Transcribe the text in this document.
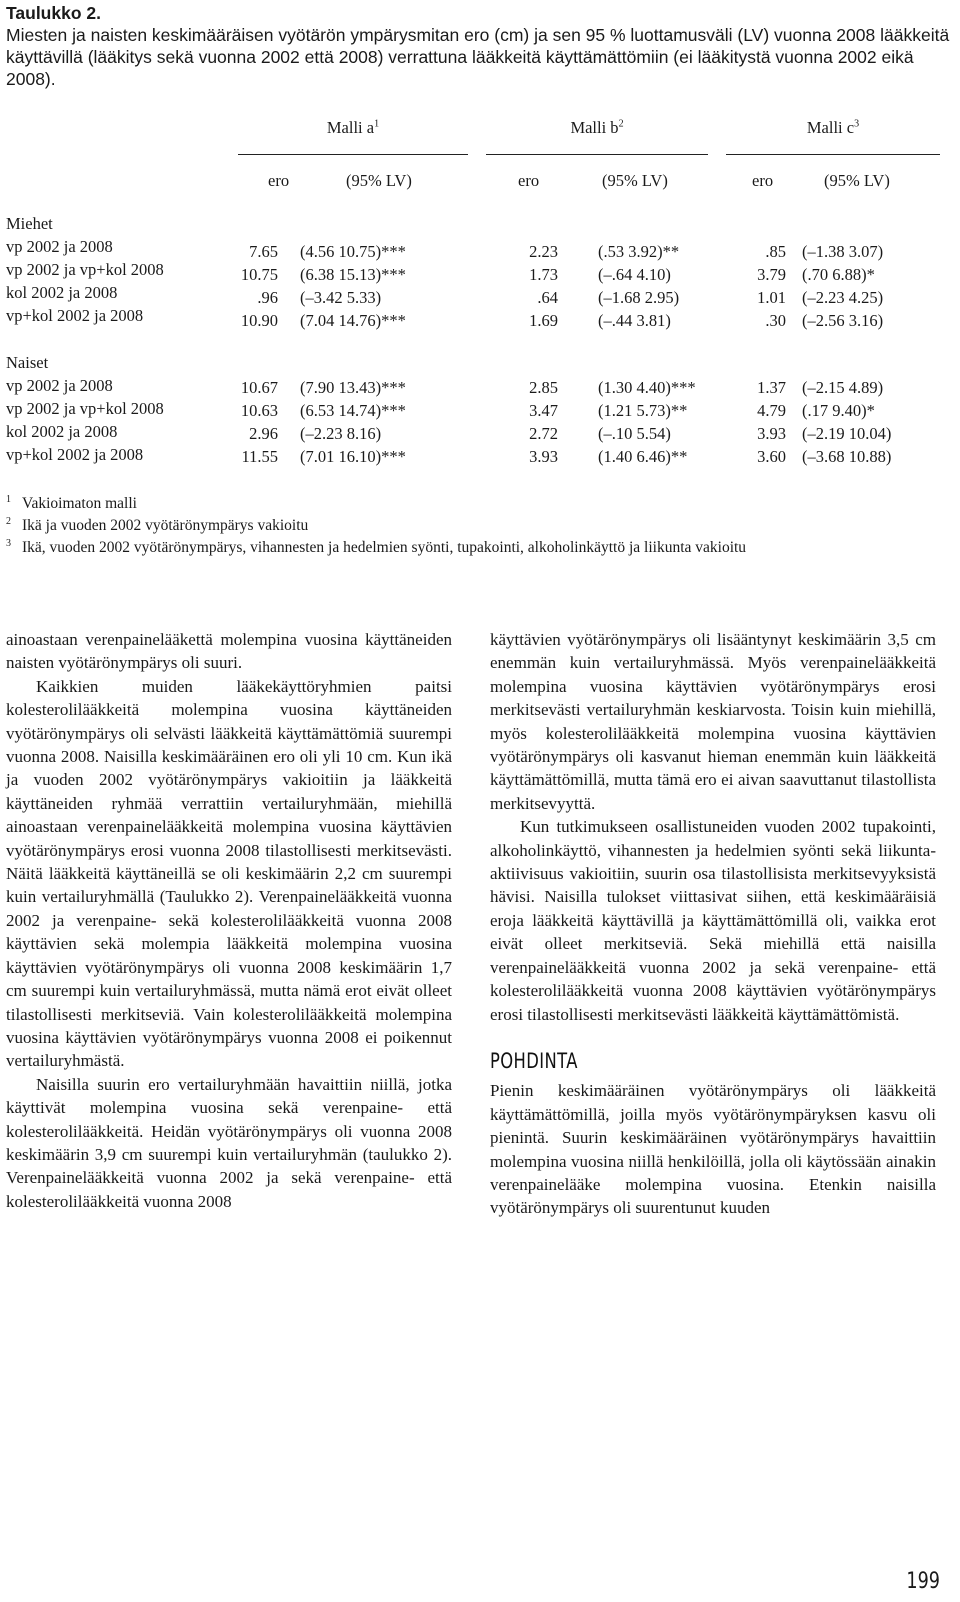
Taulukko 2.
Miesten ja naisten keskimääräisen vyötärön ympärysmitan ero (cm) ja sen 95 % luottamusväli (LV) vuonna 2008 lääkkeitä käyttävillä (lääkitys sekä vuonna 2002 että 2008) verrattuna lääkkeitä käyttämättömiin (ei lääkitystä vuonna 2002 eikä 2008).
Malli $a^1$	Malli $b^2$	Malli $c^3$
ero	(95% LV)	ero	(95% LV)	ero	(95% LV)
Miehet
vp 2002 ja 2008	7.65 (4.56 10.75)***	2.23 (.53 3.92)**	.85 (–1.38 3.07)
vp 2002 ja vp+kol 2008	10.75 (6.38 15.13)***	1.73 (–.64 4.10)	3.79 (.70 6.88)*
kol 2002 ja 2008	.96 (–3.42 5.33)	.64 (–1.68 2.95)	1.01 (–2.23 4.25)
vp+kol 2002 ja 2008	10.90 (7.04 14.76)***	1.69 (–.44 3.81)	.30 (–2.56 3.16)
Naiset
vp 2002 ja 2008	10.67 (7.90 13.43)***	2.85 (1.30 4.40)***	1.37 (–2.15 4.89)
vp 2002 ja vp+kol 2008	10.63 (6.53 14.74)***	3.47 (1.21 5.73)**	4.79 (.17 9.40)*
kol 2002 ja 2008	2.96 (–2.23 8.16)	2.72 (–.10 5.54)	3.93 (–2.19 10.04)
vp+kol 2002 ja 2008	11.55 (7.01 16.10)***	3.93 (1.40 6.46)**	3.60 (–3.68 10.88)
1 Vakioimaton malli
2 Ikä ja vuoden 2002 vyötärönympärys vakioitu
3 Ikä, vuoden 2002 vyötärönympärys, vihannesten ja hedelmien syönti, tupakointi, alkoholinkäyttö ja liikunta vakioitu

ainoastaan verenpainelääkettä molempina vuosina käyttäneiden naisten vyötärönympärys oli suuri.

Kaikkien muiden lääkekäyttöryhmien paitsi kolesterolilääkkeitä molempina vuosina käyttäneiden vyötärönympärys oli selvästi lääkkeitä käyttämättömiä suurempi vuonna 2008. Naisilla keskimääräinen ero oli yli 10 cm. Kun ikä ja vuoden 2002 vyötärönympärys vakioitiin ja lääkkeitä käyttäneiden ryhmää verrattiin vertailuryhmään, miehillä ainoastaan verenpainelääkkeitä molempina vuosina käyttävien vyötärönympärys erosi vuonna 2008 tilastollisesti merkitsevästi. Näitä lääkkeitä käyttäneillä se oli keskimäärin 2,2 cm suurempi kuin vertailuryhmällä (Taulukko 2). Verenpainelääkkeitä vuonna 2002 ja verenpaine- sekä kolesterolilääkkeitä vuonna 2008 käyttävien sekä molempia lääkkeitä molempina vuosina käyttävien vyötärönympärys oli vuonna 2008 keskimäärin 1,7 cm suurempi kuin vertailuryhmässä, mutta nämä erot eivät olleet tilastollisesti merkitseviä. Vain kolesterolilääkkeitä molempina vuosina käyttävien vyötärönympärys vuonna 2008 ei poikennut vertailuryhmästä.

Naisilla suurin ero vertailuryhmään havaittiin niillä, jotka käyttivät molempina vuosina sekä verenpaine- että kolesterolilääkkeitä. Heidän vyötärönympärys oli vuonna 2008 keskimäärin 3,9 cm suurempi kuin vertailuryhmän (taulukko 2). Verenpainelääkkeitä vuonna 2002 ja sekä verenpaine- että kolesterolilääkkeitä vuonna 2008

käyttävien vyötärönympärys oli lisääntynyt keskimäärin 3,5 cm enemmän kuin vertailuryhmässä. Myös verenpainelääkkeitä molempina vuosina käyttävien vyötärönympärys erosi merkitsevästi vertailuryhmän keskiarvosta. Toisin kuin miehillä, myös kolesterolilääkkeitä molempina vuosina käyttävien vyötärönympärys oli kasvanut hieman enemmän kuin lääkkeitä käyttämättömillä, mutta tämä ero ei aivan saavuttanut tilastollista merkitsevyyttä.

Kun tutkimukseen osallistuneiden vuoden 2002 tupakointi, alkoholinkäyttö, vihannesten ja hedelmien syönti sekä liikunta-aktiivisuus vakioitiin, suurin osa tilastollisista merkitsevyyksistä hävisi. Naisilla tulokset viittasivat siihen, että keskimääräisiä eroja lääkkeitä käyttävillä ja käyttämättömillä oli, vaikka erot eivät olleet merkitseviä. Sekä miehillä että naisilla verenpainelääkkeitä vuonna 2002 ja sekä verenpaine- että kolesterolilääkkeitä vuonna 2008 käyttävien vyötärönympärys erosi tilastollisesti merkitsevästi lääkkeitä käyttämättömistä.

POHDINTA

Pienin keskimääräinen vyötärönympärys oli lääkkeitä käyttämättömillä, joilla myös vyötärönympäryksen kasvu oli pienintä. Suurin keskimääräinen vyötärönympärys havaittiin molempina vuosina niillä henkilöillä, jolla oli käytössään ainakin verenpainelääke molempina vuosina. Etenkin naisilla vyötärönympärys oli suurentunut kuuden

199
